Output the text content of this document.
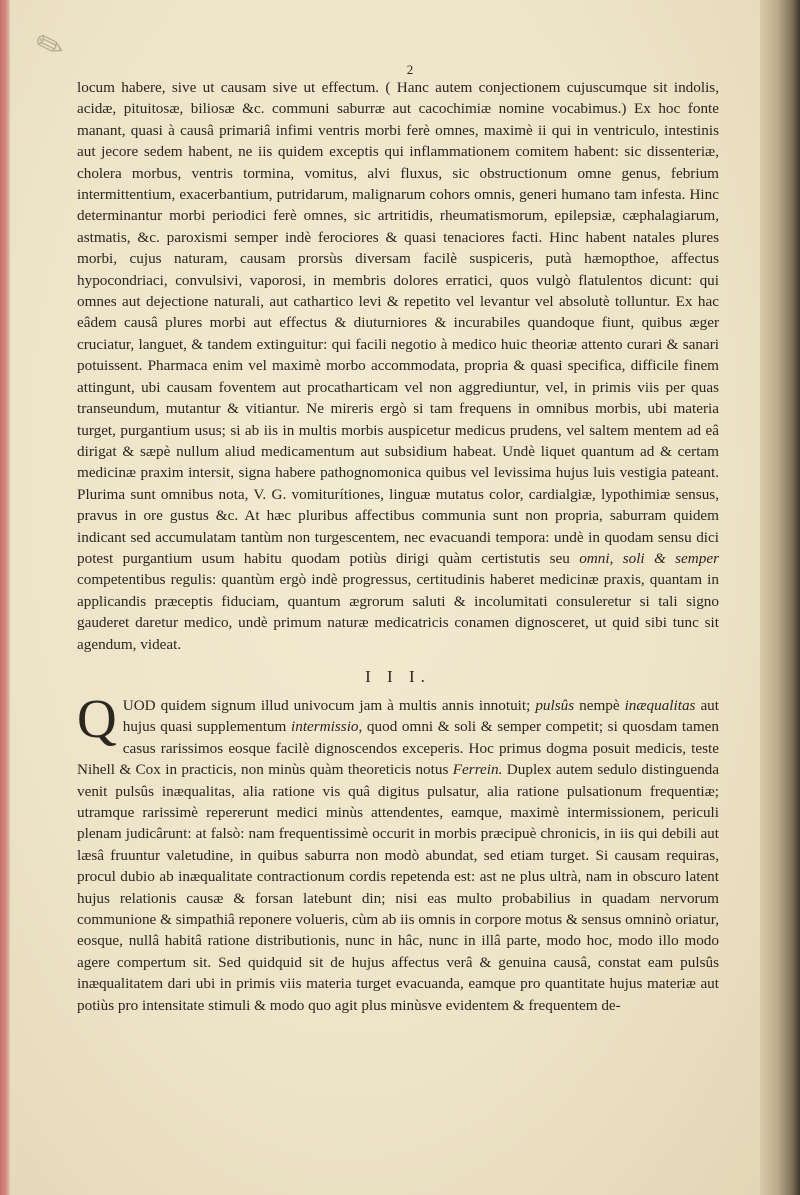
✎
2

locum habere, sive ut causam sive ut effectum. ( Hanc autem conjectionem cujuscumque sit indolis, acidæ, pituitosæ, biliosæ &c. communi saburræ aut cacochimiæ nomine vocabimus.) Ex hoc fonte manant, quasi à causâ primariâ infimi ventris morbi ferè omnes, maximè ii qui in ventriculo, intestinis aut jecore sedem habent, ne iis quidem exceptis qui inflammationem comitem habent: sic dissenteriæ, cholera morbus, ventris tormina, vomitus, alvi fluxus, sic obstructionum omne genus, febrium intermittentium, exacerbantium, putridarum, malignarum cohors omnis, generi humano tam infesta. Hinc determinantur morbi periodici ferè omnes, sic artritidis, rheumatismorum, epilepsiæ, cæphalagiarum, astmatis, &c. paroxismi semper indè ferociores & quasi tenaciores facti. Hinc habent natales plures morbi, cujus naturam, causam prorsùs diversam facilè suspiceris, putà hæmopthoe, affectus hypocondriaci, convulsivi, vaporosi, in membris dolores erratici, quos vulgò flatulentos dicunt: qui omnes aut dejectione naturali, aut cathartico levi & repetito vel levantur vel absolutè tolluntur. Ex hac eâdem causâ plures morbi aut effectus & diuturniores & incurabiles quandoque fiunt, quibus æger cruciatur, languet, & tandem extinguitur: qui facili negotio à medico huic theoriæ attento curari & sanari potuissent. Pharmaca enim vel maximè morbo accommodata, propria & quasi specifica, difficile finem attingunt, ubi causam foventem aut procatharticam vel non aggrediuntur, vel, in primis viis per quas transeundum, mutantur & vitiantur. Ne mireris ergò si tam frequens in omnibus morbis, ubi materia turget, purgantium usus; si ab iis in multis morbis auspicetur medicus prudens, vel saltem mentem ad eâ dirigat & sæpè nullum aliud medicamentum aut subsidium habeat. Undè liquet quantum ad & certam medicinæ praxim intersit, signa habere pathognomonica quibus vel levissima hujus luis vestigia pateant. Plurima sunt omnibus nota, V. G. vomiturítiones, linguæ mutatus color, cardialgiæ, lypothimiæ sensus, pravus in ore gustus &c. At hæc pluribus affectibus communia sunt non propria, saburram quidem indicant sed accumulatam tantùm non turgescentem, nec evacuandi tempora: undè in quodam sensu dici potest purgantium usum habitu quodam potiùs dirigi quàm certistutis seu omni, soli & semper competentibus regulis: quantùm ergò indè progressus, certitudinis haberet medicinæ praxis, quantam in applicandis præceptis fiduciam, quantum ægrorum saluti & incolumitati consuleretur si tali signo gauderet daretur medico, undè primum naturæ medicatricis conamen dignosceret, ut quid sibi tunc sit agendum, videat.

I I I.

QUOD quidem signum illud univocum jam à multis annis innotuit; pulsûs nempè inæqualitas aut hujus quasi supplementum intermissio, quod omni & soli & semper competit; si quosdam tamen casus rarissimos eosque facilè dignoscendos exceperis. Hoc primus dogma posuit medicis, teste Nihell & Cox in practicis, non minùs quàm theoreticis notus Ferrein. Duplex autem sedulo distinguenda venit pulsûs inæqualitas, alia ratione vis quâ digitus pulsatur, alia ratione pulsationum frequentiæ; utramque rarissimè repererunt medici minùs attendentes, eamque, maximè intermissionem, periculi plenam judicârunt: at falsò: nam frequentissimè occurit in morbis præcipuè chronicis, in iis qui debili aut læsâ fruuntur valetudine, in quibus saburra non modò abundat, sed etiam turget. Si causam requiras, procul dubio ab inæqualitate contractionum cordis repetenda est: ast ne plus ultrà, nam in obscuro latent hujus relationis causæ & forsan latebunt din; nisi eas multo probabilius in quadam nervorum communione & simpathiâ reponere volueris, cùm ab iis omnis in corpore motus & sensus omninò oriatur, eosque, nullâ habitâ ratione distributionis, nunc in hâc, nunc in illâ parte, modo hoc, modo illo modo agere compertum sit. Sed quidquid sit de hujus affectus verâ & genuina causâ, constat eam pulsûs inæqualitatem dari ubi in primis viis materia turget evacuanda, eamque pro quantitate hujus materiæ aut potiùs pro intensitate stimuli & modo quo agit plus minùsve evidentem & frequentem de-
